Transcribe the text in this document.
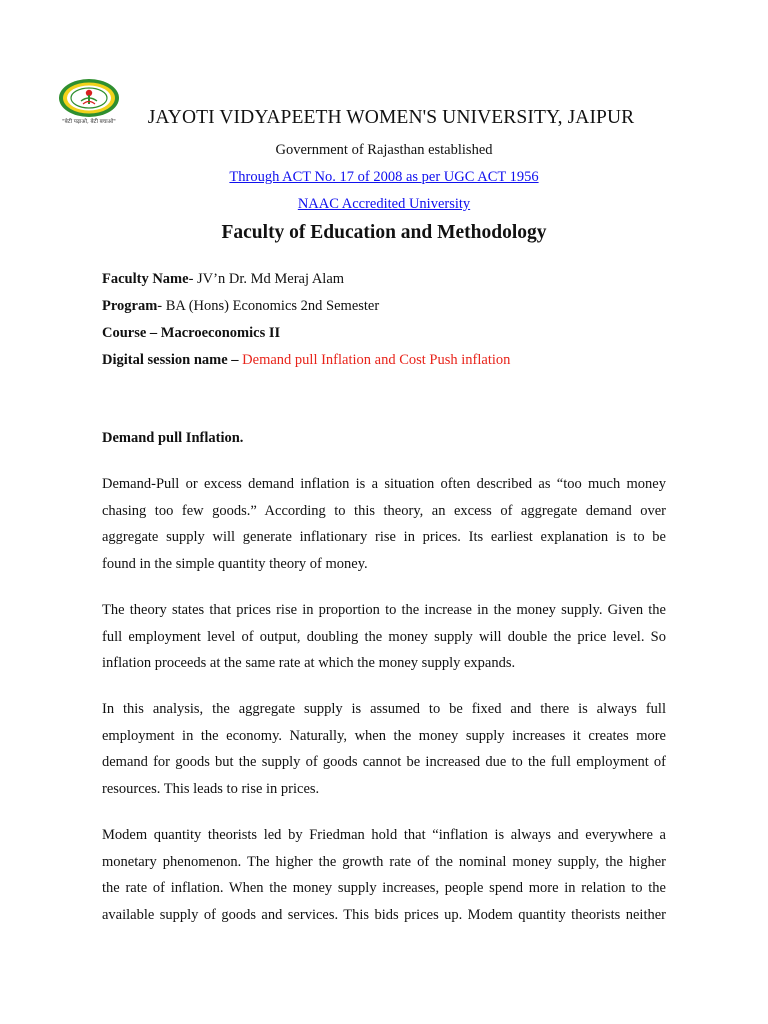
"बेटी पढ़ाओ, बेटी बचाओ"	JAYOTI VIDYAPEETH WOMEN'S UNIVERSITY, JAIPUR
Government of Rajasthan established
Through ACT No. 17 of 2008 as per UGC ACT 1956
NAAC Accredited University
Faculty of Education and Methodology
Faculty Name- JV’n Dr. Md Meraj Alam
Program- BA (Hons) Economics 2nd Semester
Course – Macroeconomics II
Digital session name – Demand pull Inflation and Cost Push inflation
Demand pull Inflation.
Demand-Pull or excess demand inflation is a situation often described as “too much money
chasing too few goods.” According to this theory, an excess of aggregate demand over
aggregate supply will generate inflationary rise in prices. Its earliest explanation is to be
found in the simple quantity theory of money.
The theory states that prices rise in proportion to the increase in the money supply. Given the
full employment level of output, doubling the money supply will double the price level. So
inflation proceeds at the same rate at which the money supply expands.
In this analysis, the aggregate supply is assumed to be fixed and there is always full
employment in the economy. Naturally, when the money supply increases it creates more
demand for goods but the supply of goods cannot be increased due to the full employment of
resources. This leads to rise in prices.
Modem quantity theorists led by Friedman hold that “inflation is always and everywhere a
monetary phenomenon. The higher the growth rate of the nominal money supply, the higher
the rate of inflation. When the money supply increases, people spend more in relation to the
available supply of goods and services. This bids prices up. Modem quantity theorists neither
